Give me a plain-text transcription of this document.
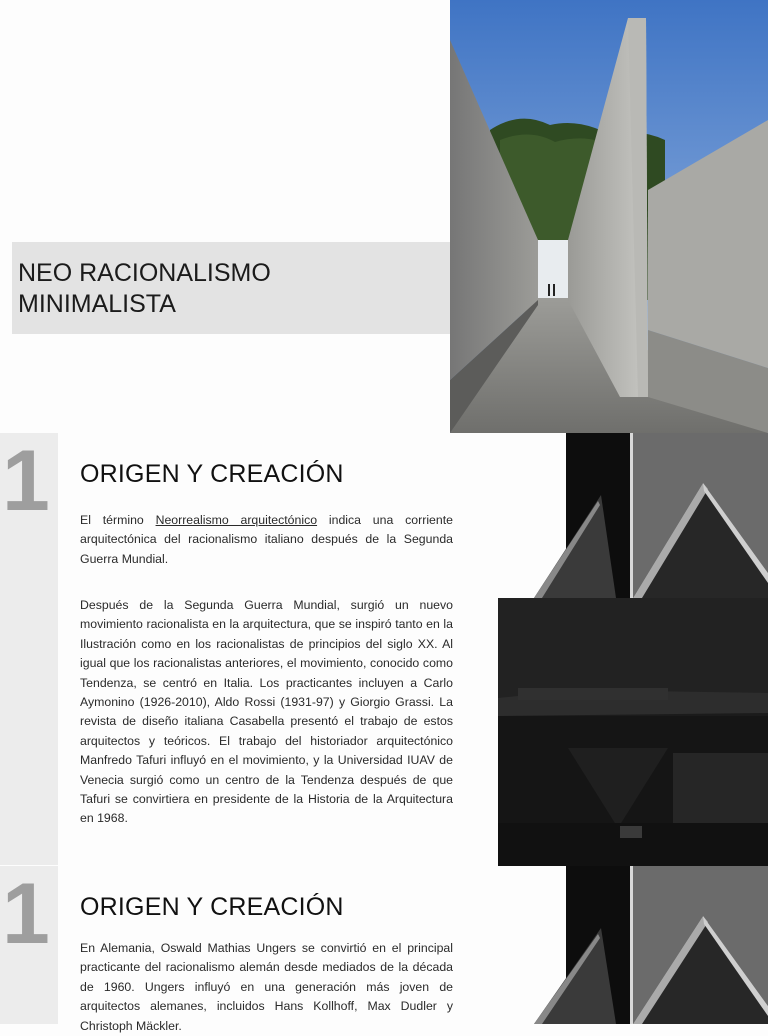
NEO RACIONALISMO
MINIMALISTA
1 ORIGEN Y CREACIÓN
El término Neorrealismo arquitectónico indica una corriente arquitectónica del racionalismo italiano después de la Segunda Guerra Mundial.
Después de la Segunda Guerra Mundial, surgió un nuevo movimiento racionalista en la arquitectura, que se inspiró tanto en la Ilustración como en los racionalistas de principios del siglo XX. Al igual que los racionalistas anteriores, el movimiento, conocido como Tendenza, se centró en Italia. Los practicantes incluyen a Carlo Aymonino (1926-2010), Aldo Rossi (1931-97) y Giorgio Grassi. La revista de diseño italiana Casabella presentó el trabajo de estos arquitectos y teóricos. El trabajo del historiador arquitectónico Manfredo Tafuri influyó en el movimiento, y la Universidad IUAV de Venecia surgió como un centro de la Tendenza después de que Tafuri se convirtiera en presidente de la Historia de la Arquitectura en 1968.
1 ORIGEN Y CREACIÓN
En Alemania, Oswald Mathias Ungers se convirtió en el principal practicante del racionalismo alemán desde mediados de la década de 1960. Ungers influyó en una generación más joven de arquitectos alemanes, incluidos Hans Kollhoff, Max Dudler y Christoph Mäckler.
